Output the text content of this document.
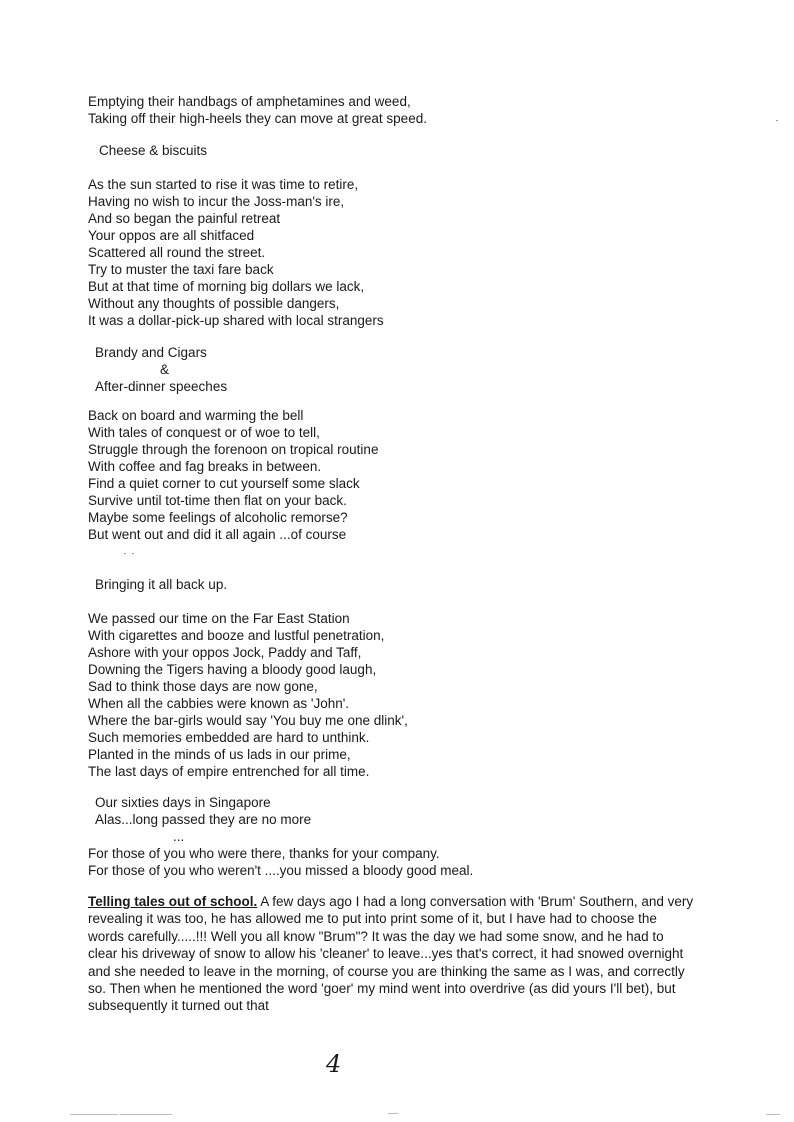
Emptying their handbags of amphetamines and weed,
Taking off their high-heels they can move at great speed.
Cheese & biscuits
As the sun started to rise it was time to retire,
Having no wish to incur the Joss-man's ire,
And so began the painful retreat
Your oppos are all shitfaced
Scattered all round the street.
Try to muster the taxi fare back
But at that time of morning big dollars we lack,
Without any thoughts of possible dangers,
It was a dollar-pick-up shared with local strangers
Brandy and Cigars
&
After-dinner speeches
Back on board and warming the bell
With tales of conquest or of woe to tell,
Struggle through the forenoon on tropical routine
With coffee and fag breaks in between.
Find a quiet corner to cut yourself some slack
Survive until tot-time then flat on your back.
Maybe some feelings of alcoholic remorse?
But went out and did it all again ...of course
Bringing it all back up.
We passed our time on the Far East Station
With cigarettes and booze and lustful penetration,
Ashore with your oppos Jock, Paddy and Taff,
Downing the Tigers having a bloody good laugh,
Sad to think those days are now gone,
When all the cabbies were known as 'John'.
Where the bar-girls would say 'You buy me one dlink',
Such memories embedded are hard to unthink.
Planted in the minds of us lads in our prime,
The last days of empire entrenched for all time.
Our sixties days in Singapore
Alas...long passed they are no more
...
For those of you who were there, thanks for your company.
For those of you who weren't ....you missed a bloody good meal.
Telling tales out of school. A few days ago I had a long conversation with 'Brum' Southern, and very revealing it was too, he has allowed me to put into print some of it, but I have had to choose the words carefully.....!!! Well you all know "Brum"? It was the day we had some snow, and he had to clear his driveway of snow to allow his 'cleaner' to leave...yes that's correct, it had snowed overnight and she needed to leave in the morning, of course you are thinking the same as I was, and correctly so. Then when he mentioned the word 'goer' my mind went into overdrive (as did yours I'll bet), but subsequently it turned out that
4
